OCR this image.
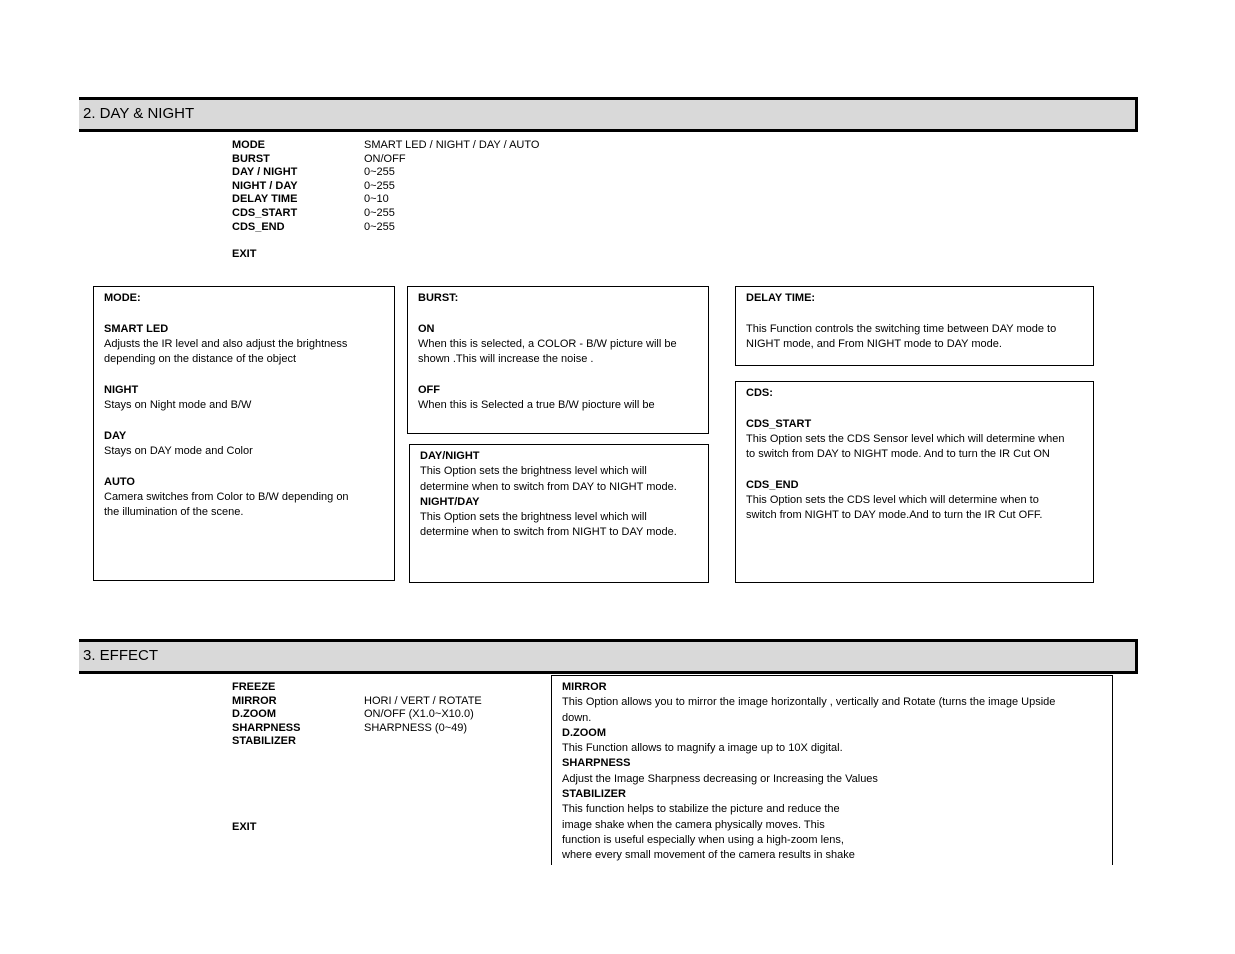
2. DAY & NIGHT
MODE	SMART LED / NIGHT / DAY / AUTO
BURST	ON/OFF
DAY / NIGHT	0~255
NIGHT / DAY	0~255
DELAY TIME	0~10
CDS_START	0~255
CDS_END	0~255
EXIT
MODE:
SMART LED
Adjusts the IR level and also adjust the brightness
depending on the distance of the object
NIGHT
Stays on Night mode and B/W
DAY
Stays on DAY mode and Color
AUTO
Camera switches from Color to B/W depending on
the illumination of the scene.
BURST:
ON
When this is selected, a COLOR - B/W picture will be
shown .This will increase the noise .
OFF
When this is Selected a true B/W piocture will be
DAY/NIGHT
This Option sets the brightness level which will
determine when to switch from DAY to NIGHT mode.
NIGHT/DAY
This Option sets the brightness level which will
determine when to switch from NIGHT to DAY mode.
DELAY TIME:
This Function controls the switching time between DAY mode to
NIGHT mode, and From NIGHT mode to DAY mode.
CDS:
CDS_START
This Option sets the CDS Sensor level which will determine when
to switch from DAY to NIGHT mode. And to turn the IR Cut ON
CDS_END
This Option sets the CDS level which will determine when to
switch from NIGHT to DAY mode.And to turn the IR Cut OFF.
3. EFFECT
FREEZE
MIRROR	HORI / VERT / ROTATE
D.ZOOM	ON/OFF (X1.0~X10.0)
SHARPNESS	SHARPNESS (0~49)
STABILIZER
EXIT
MIRROR
This Option allows you to mirror the image horizontally , vertically and Rotate (turns the image Upside
down.
D.ZOOM
This Function allows to magnify a image up to 10X digital.
SHARPNESS
Adjust the Image Sharpness decreasing or Increasing the Values
STABILIZER
This function helps to stabilize the picture and reduce the
image shake when the camera physically moves. This
function is useful especially when using a high-zoom lens,
where every small movement of the camera results in shake
